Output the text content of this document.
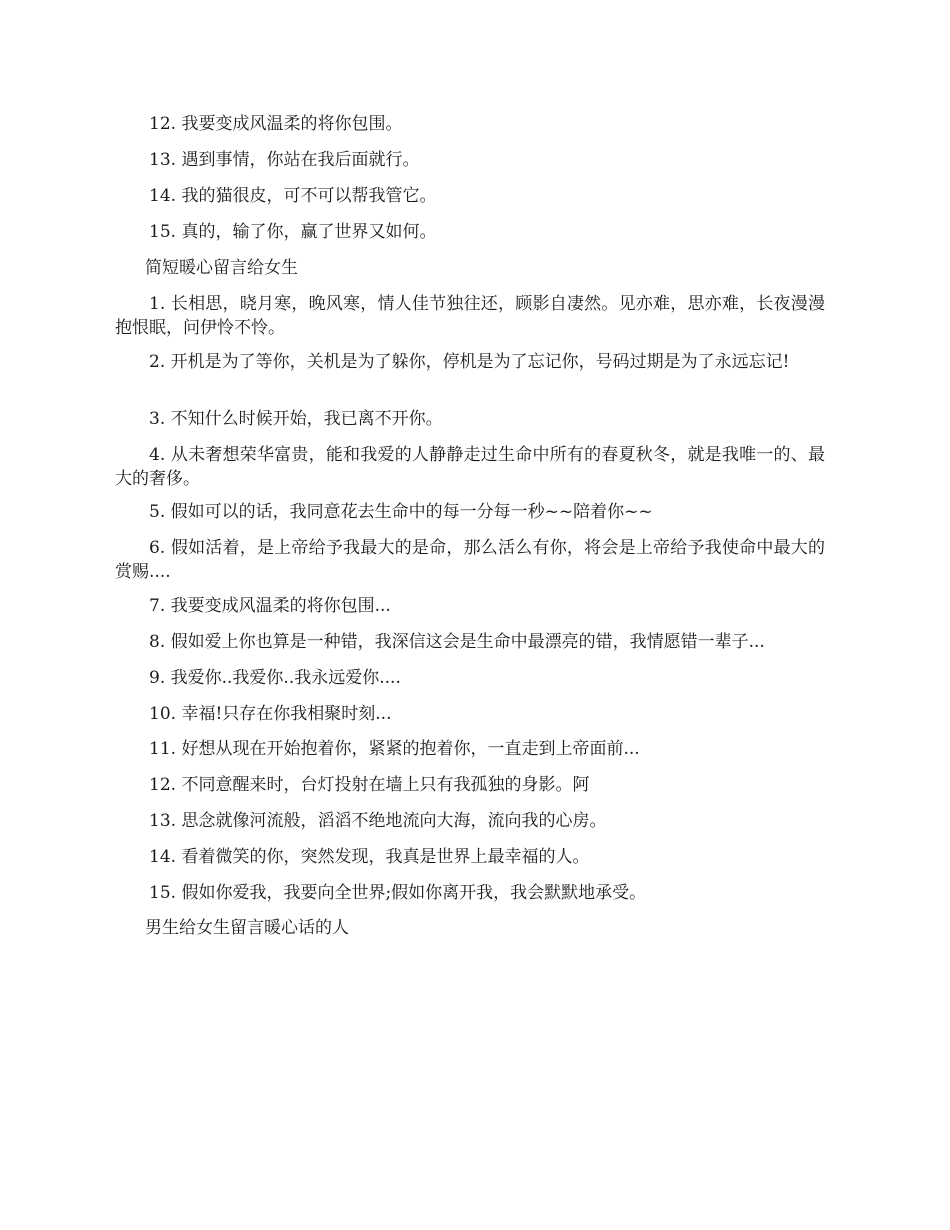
12. 我要变成风温柔的将你包围。
13. 遇到事情，你站在我后面就行。
14. 我的猫很皮，可不可以帮我管它。
15. 真的，输了你，赢了世界又如何。
简短暖心留言给女生
1. 长相思，晓月寒，晚风寒，情人佳节独往还，顾影自凄然。见亦难，思亦难，长夜漫漫抱恨眠，问伊怜不怜。
2. 开机是为了等你，关机是为了躲你，停机是为了忘记你，号码过期是为了永远忘记!
3. 不知什么时候开始，我已离不开你。
4. 从未奢想荣华富贵，能和我爱的人静静走过生命中所有的春夏秋冬，就是我唯一的、最大的奢侈。
5. 假如可以的话，我同意花去生命中的每一分每一秒~~陪着你~~
6. 假如活着，是上帝给予我最大的是命，那么活么有你，将会是上帝给予我使命中最大的赏赐....
7. 我要变成风温柔的将你包围...
8. 假如爱上你也算是一种错，我深信这会是生命中最漂亮的错，我情愿错一辈子...
9. 我爱你..我爱你..我永远爱你....
10. 幸福!只存在你我相聚时刻...
11. 好想从现在开始抱着你，紧紧的抱着你，一直走到上帝面前...
12. 不同意醒来时，台灯投射在墙上只有我孤独的身影。阿
13. 思念就像河流般，滔滔不绝地流向大海，流向我的心房。
14. 看着微笑的你，突然发现，我真是世界上最幸福的人。
15. 假如你爱我，我要向全世界;假如你离开我，我会默默地承受。
男生给女生留言暖心话的人
